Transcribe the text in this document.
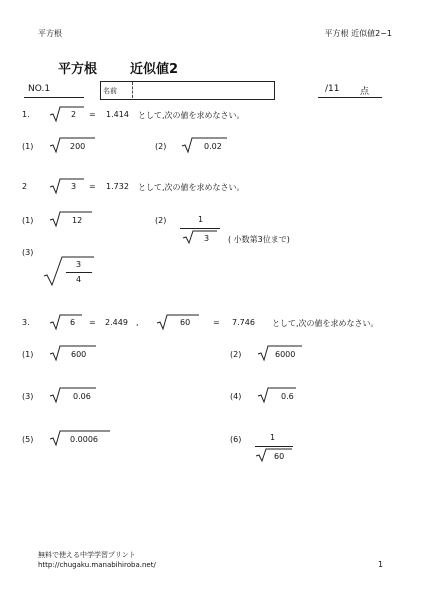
平方根	平方根 近似値2−1
平方根	近似値2
NO.1	名前	/11 点
1.	2 = 1.414 として,次の値を求めなさい。
(1)	200	(2)	0.02
2	3 = 1.732 として,次の値を求めなさい。
(1)	12	(2)	1
3 ( 小数第3位まで)
(3)
3
4
3.	6 = 2.449 ,	60	= 7.746 として,次の値を求めなさい。
(1)	600	(2)	6000
(3)	0.06	(4)	0.6
(5)	0.0006	(6)	1
60
無料で使える中学学習プリント
http://chugaku.manabihiroba.net/	1
